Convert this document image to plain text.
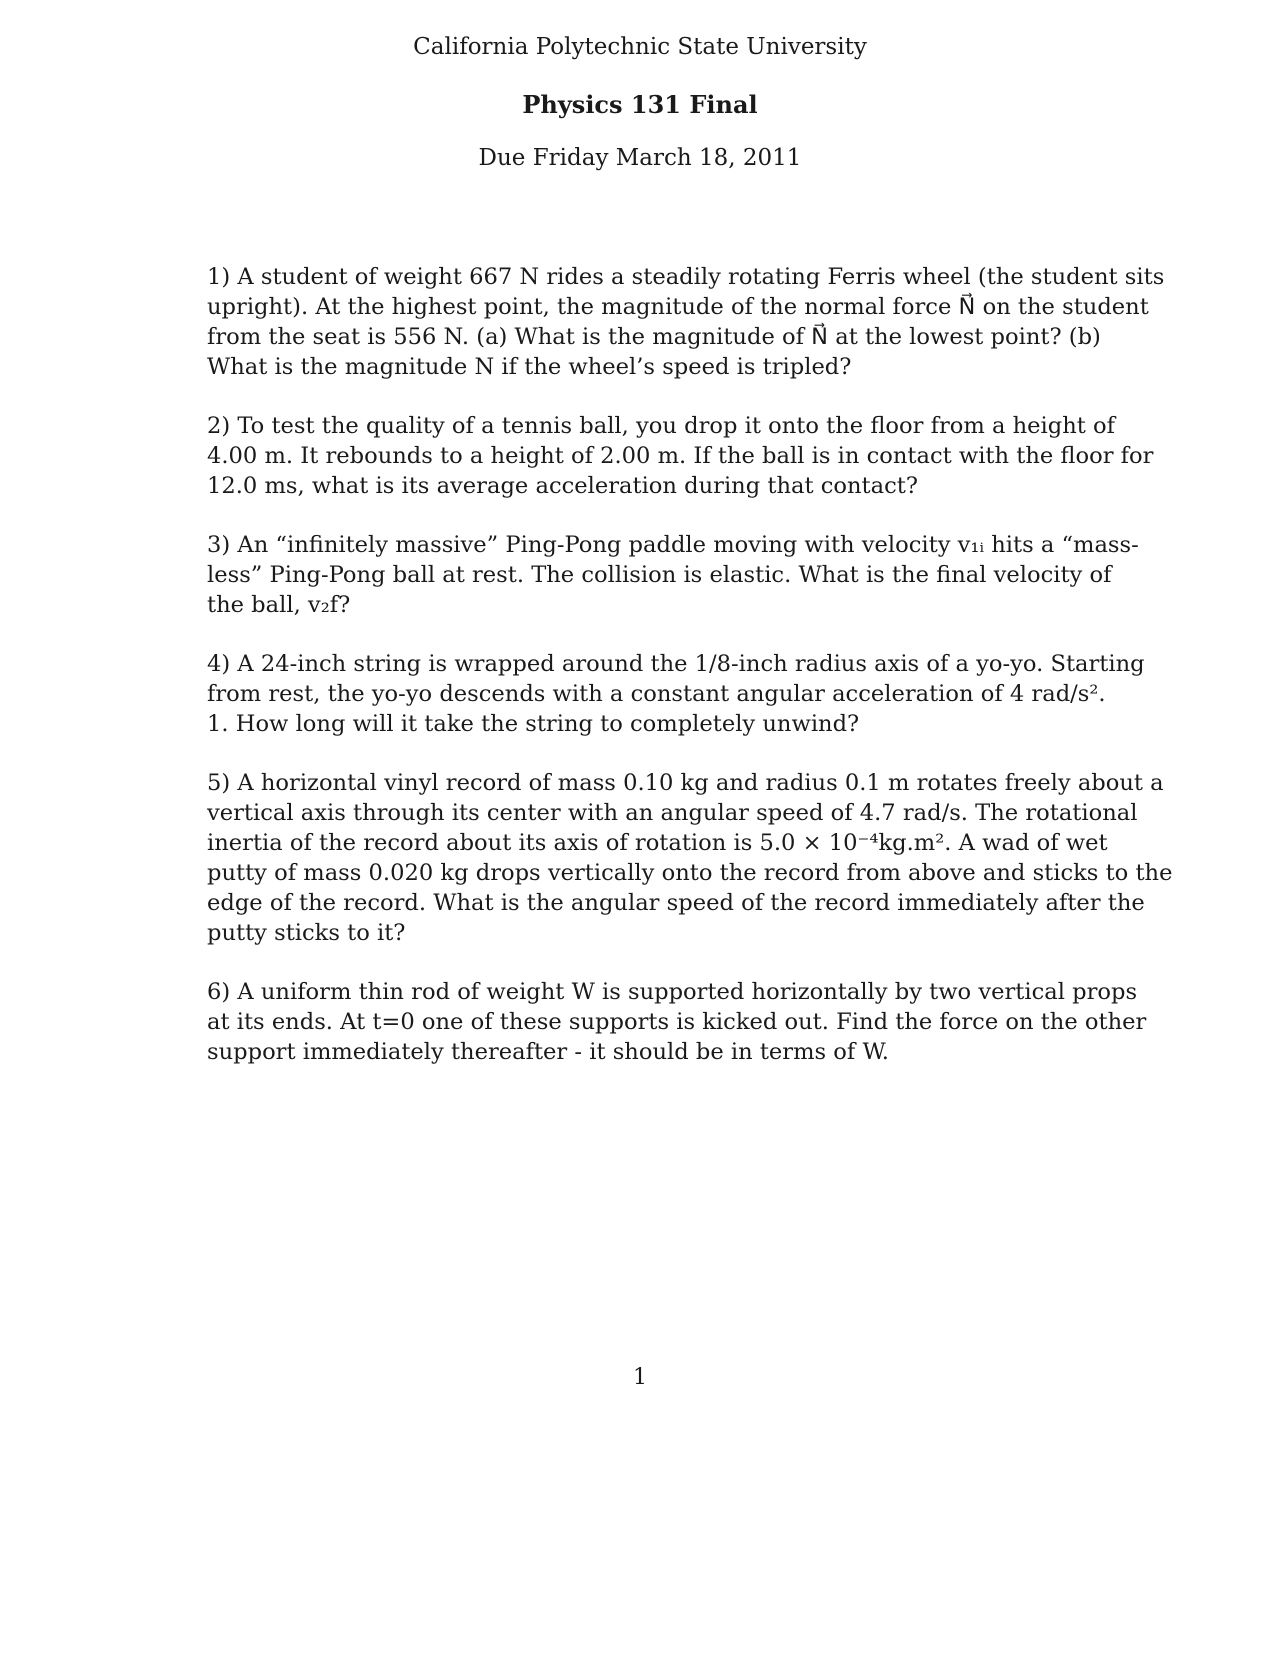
California Polytechnic State University
Physics 131 Final
Due Friday March 18, 2011
1) A student of weight 667 N rides a steadily rotating Ferris wheel (the student sits
upright). At the highest point, the magnitude of the normal force N⃗ on the student
from the seat is 556 N. (a) What is the magnitude of N⃗ at the lowest point? (b)
What is the magnitude N if the wheel’s speed is tripled?
2) To test the quality of a tennis ball, you drop it onto the floor from a height of
4.00 m. It rebounds to a height of 2.00 m. If the ball is in contact with the floor for
12.0 ms, what is its average acceleration during that contact?
3) An “infinitely massive” Ping-Pong paddle moving with velocity v₁ᵢ hits a “mass-
less” Ping-Pong ball at rest. The collision is elastic. What is the final velocity of
the ball, v₂f?
4) A 24-inch string is wrapped around the 1/8-inch radius axis of a yo-yo. Starting
from rest, the yo-yo descends with a constant angular acceleration of 4 rad/s².
1. How long will it take the string to completely unwind?
5) A horizontal vinyl record of mass 0.10 kg and radius 0.1 m rotates freely about a
vertical axis through its center with an angular speed of 4.7 rad/s. The rotational
inertia of the record about its axis of rotation is 5.0 × 10⁻⁴kg.m². A wad of wet
putty of mass 0.020 kg drops vertically onto the record from above and sticks to the
edge of the record. What is the angular speed of the record immediately after the
putty sticks to it?
6) A uniform thin rod of weight W is supported horizontally by two vertical props
at its ends. At t=0 one of these supports is kicked out. Find the force on the other
support immediately thereafter - it should be in terms of W.
1
